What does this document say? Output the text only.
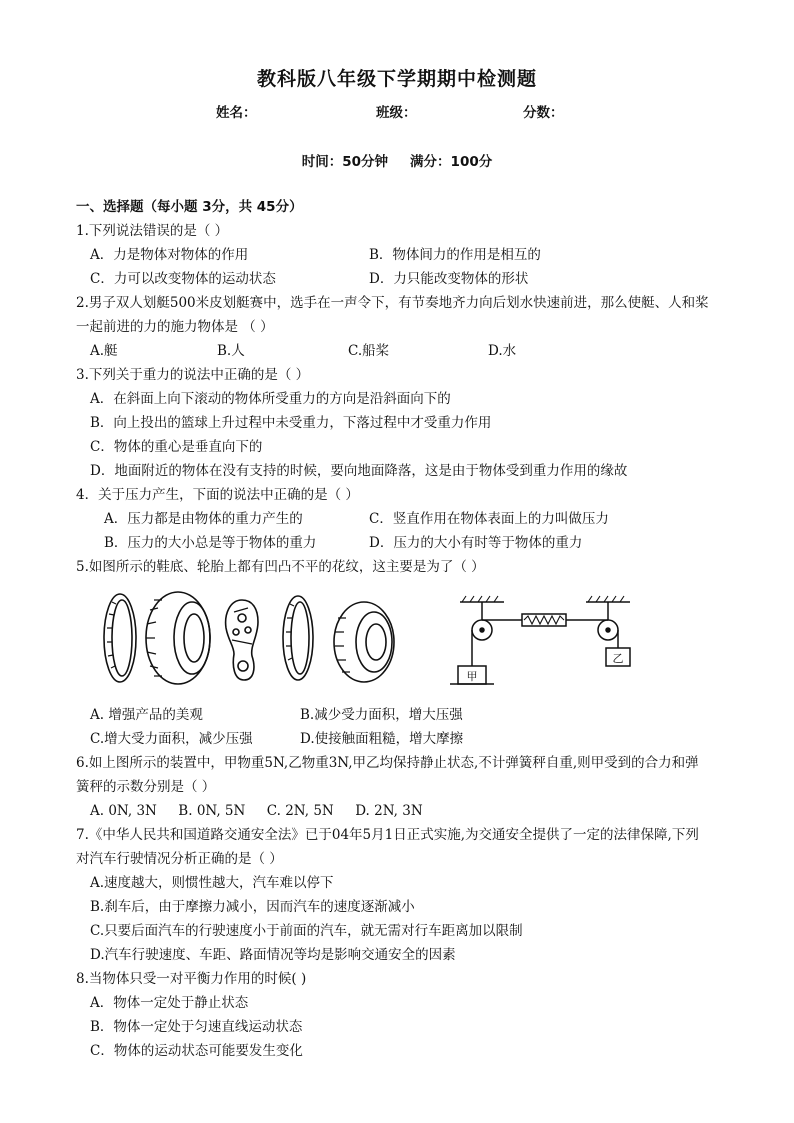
教科版八年级下学期期中检测题
姓名：	班级：	分数：
时间：50分钟 满分：100分
一、选择题（每小题 3分，共 45分）
1.下列说法错误的是（ ）
A．力是物体对物体的作用	B．物体间力的作用是相互的
C．力可以改变物体的运动状态	D．力只能改变物体的形状
2.男子双人划艇500米皮划艇赛中，选手在一声令下，有节奏地齐力向后划水快速前进，那么使艇、人和桨
一起前进的力的施力物体是 （ ）
A.艇	B.人	C.船桨	D.水
3.下列关于重力的说法中正确的是（ ）
A．在斜面上向下滚动的物体所受重力的方向是沿斜面向下的
B．向上投出的篮球上升过程中未受重力，下落过程中才受重力作用
C．物体的重心是垂直向下的
D．地面附近的物体在没有支持的时候，要向地面降落，这是由于物体受到重力作用的缘故
4．关于压力产生，下面的说法中正确的是（ ）
A．压力都是由物体的重力产生的	C．竖直作用在物体表面上的力叫做压力
B．压力的大小总是等于物体的重力	D．压力的大小有时等于物体的重力
5.如图所示的鞋底、轮胎上都有凹凸不平的花纹，这主要是为了（ ）
甲
乙
A. 增强产品的美观	B.减少受力面积，增大压强
C.增大受力面积，减少压强	D.使接触面粗糙，增大摩擦
6.如上图所示的装置中，甲物重5N,乙物重3N,甲乙均保持静止状态,不计弹簧秤自重,则甲受到的合力和弹
簧秤的示数分别是（ ）
A. 0N, 3N     B. 0N, 5N     C. 2N, 5N     D. 2N, 3N
7.《中华人民共和国道路交通安全法》已于04年5月1日正式实施,为交通安全提供了一定的法律保障,下列
对汽车行驶情况分析正确的是（ ）
A.速度越大，则惯性越大，汽车难以停下
B.刹车后，由于摩擦力减小，因而汽车的速度逐渐减小
C.只要后面汽车的行驶速度小于前面的汽车，就无需对行车距离加以限制
D.汽车行驶速度、车距、路面情况等均是影响交通安全的因素
8.当物体只受一对平衡力作用的时候( )
A．物体一定处于静止状态
B．物体一定处于匀速直线运动状态
C．物体的运动状态可能要发生变化
